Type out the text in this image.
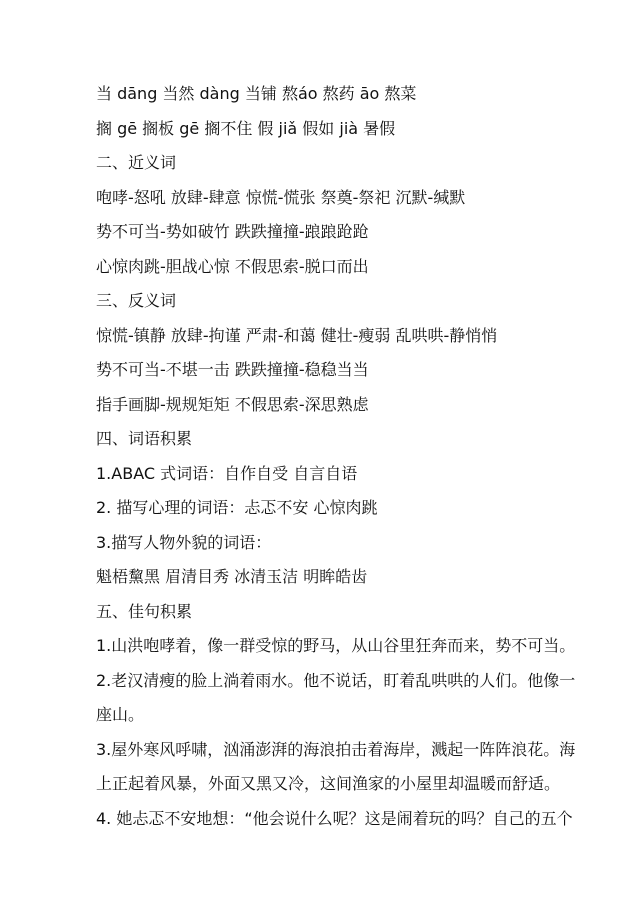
当 dāng 当然 dàng 当铺 熬áo 熬药 āo 熬菜
搁 gē 搁板 gē 搁不住 假 jiǎ 假如 jià 暑假
二、近义词
咆哮-怒吼 放肆-肆意 惊慌-慌张 祭奠-祭祀 沉默-缄默
势不可当-势如破竹 跌跌撞撞-踉踉跄跄
心惊肉跳-胆战心惊 不假思索-脱口而出
三、反义词
惊慌-镇静 放肆-拘谨 严肃-和蔼 健壮-瘦弱 乱哄哄-静悄悄
势不可当-不堪一击 跌跌撞撞-稳稳当当
指手画脚-规规矩矩 不假思索-深思熟虑
四、词语积累
1.ABAC 式词语：自作自受 自言自语
2. 描写心理的词语：忐忑不安 心惊肉跳
3.描写人物外貌的词语：
魁梧黧黑 眉清目秀 冰清玉洁 明眸皓齿
五、佳句积累
1.山洪咆哮着，像一群受惊的野马，从山谷里狂奔而来，势不可当。
2.老汉清瘦的脸上淌着雨水。他不说话，盯着乱哄哄的人们。他像一
座山。
3.屋外寒风呼啸，汹涌澎湃的海浪拍击着海岸，溅起一阵阵浪花。海
上正起着风暴，外面又黑又冷，这间渔家的小屋里却温暖而舒适。
4. 她忐忑不安地想：“他会说什么呢？这是闹着玩的吗？自己的五个
